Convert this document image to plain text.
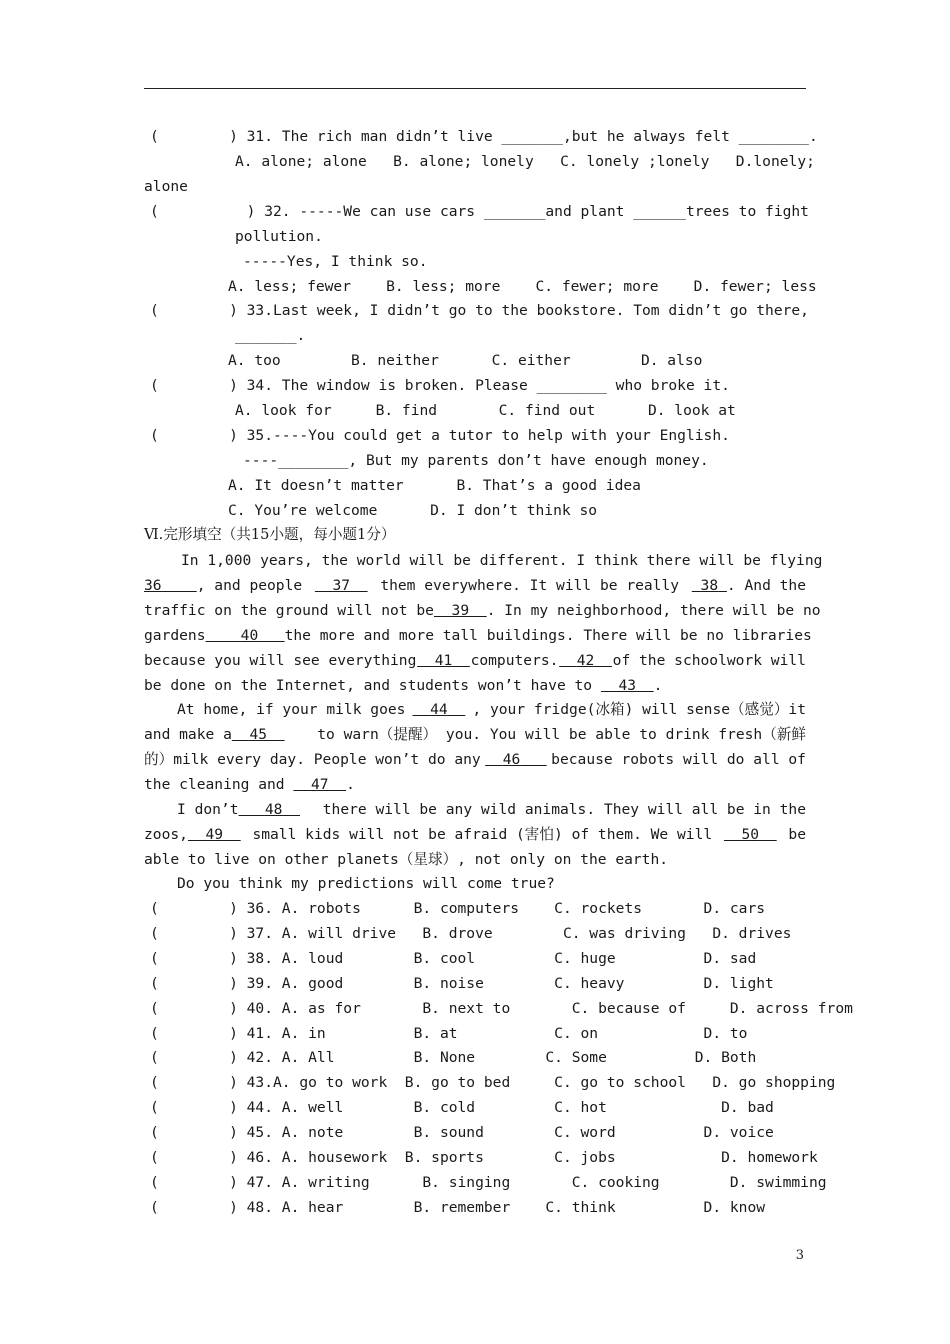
(        ) 31. The rich man didn’t live _______,but he always felt ________.
A. alone; alone   B. alone; lonely   C. lonely ;lonely   D.lonely;
alone
(          ) 32. -----We can use cars _______and plant ______trees to fight
pollution.
-----Yes, I think so.
A. less; fewer    B. less; more    C. fewer; more    D. fewer; less
(        ) 33.Last week, I didn’t go to the bookstore. Tom didn’t go there,
_______.
A. too        B. neither      C. either        D. also
(        ) 34. The window is broken. Please ________ who broke it.
A. look for     B. find       C. find out      D. look at
(        ) 35.----You could get a tutor to help with your English.
----________, But my parents don’t have enough money.
A. It doesn’t matter      B. That’s a good idea
C. You’re welcome      D. I don’t think so
Ⅵ.完形填空（共15小题，每小题1分）
In 1,000 years, the world will be different. I think there will be flying
36 , and people	37	them everywhere. It will be really	38 . And the
traffic on the ground will not be	39	. In my neighborhood, there will be no
gardens	40	the more and more tall buildings. There will be no libraries
because you will see everything	41	computers.	42	of the schoolwork will
be done on the Internet, and students won’t have to 43 .
At home, if your milk goes	44	, your fridge(冰箱) will sense（感觉）it
and make a 45	to warn（提醒） you. You will be able to drink fresh（新鲜
的）milk every day. People won’t do any	46	because robots will do all of
the cleaning and 47 .
I don’t 48	there will be any wild animals. They will all be in the
zoos, 49	small kids will not be afraid (害怕) of them. We will	50	be
able to live on other planets（星球）, not only on the earth.
Do you think my predictions will come true?
(        ) 36. A. robots      B. computers    C. rockets       D. cars
(        ) 37. A. will drive   B. drove        C. was driving   D. drives
(        ) 38. A. loud        B. cool         C. huge          D. sad
(        ) 39. A. good        B. noise        C. heavy         D. light
(        ) 40. A. as for       B. next to       C. because of     D. across from
(        ) 41. A. in          B. at           C. on            D. to
(        ) 42. A. All         B. None        C. Some          D. Both
(        ) 43.A. go to work  B. go to bed     C. go to school   D. go shopping
(        ) 44. A. well        B. cold         C. hot             D. bad
(        ) 45. A. note        B. sound        C. word          D. voice
(        ) 46. A. housework  B. sports        C. jobs            D. homework
(        ) 47. A. writing      B. singing       C. cooking        D. swimming
(        ) 48. A. hear        B. remember    C. think          D. know
3
